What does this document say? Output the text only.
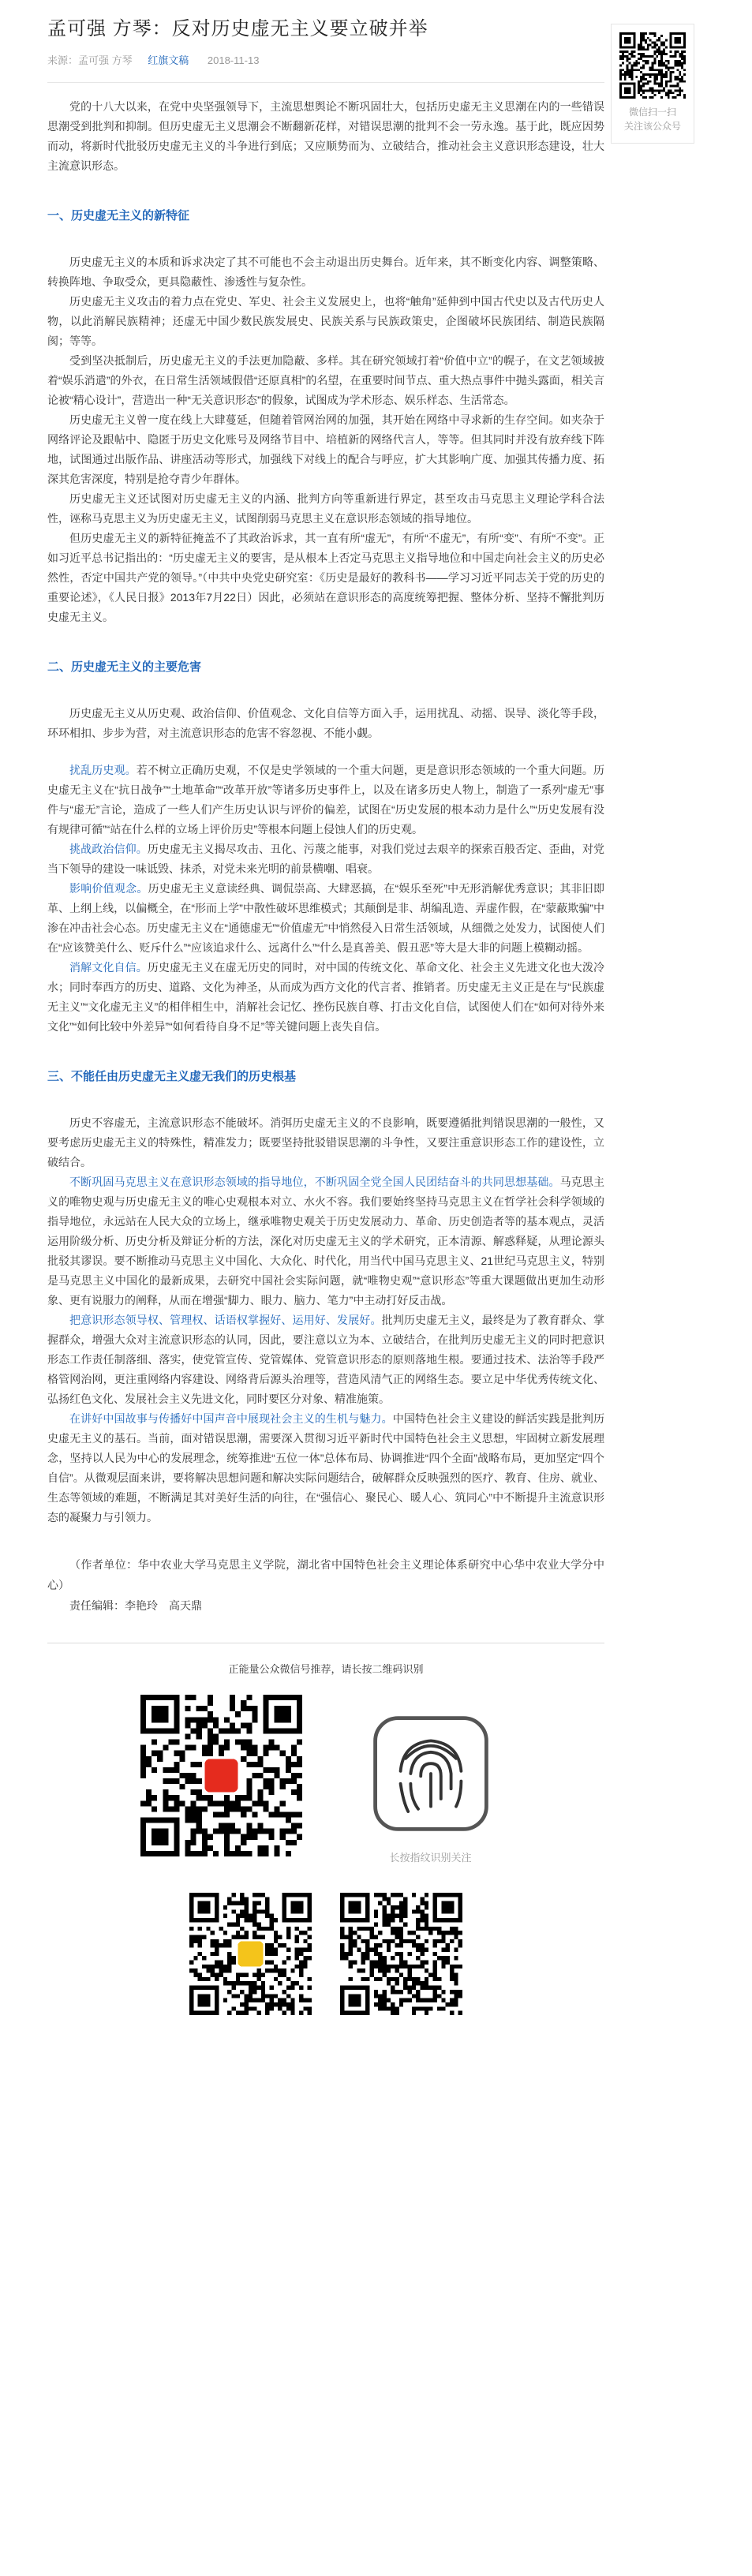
孟可强 方琴：反对历史虚无主义要立破并举
来源：孟可强 方琴 红旗文稿 2018-11-13

党的十八大以来，在党中央坚强领导下，主流思想舆论不断巩固壮大，包括历史虚无主义思潮在内的一些错误思潮受到批判和抑制。但历史虚无主义思潮会不断翻新花样，对错误思潮的批判不会一劳永逸。基于此，既应因势而动，将新时代批驳历史虚无主义的斗争进行到底；又应顺势而为、立破结合，推动社会主义意识形态建设，壮大主流意识形态。

一、历史虚无主义的新特征

历史虚无主义的本质和诉求决定了其不可能也不会主动退出历史舞台。近年来，其不断变化内容、调整策略、转换阵地、争取受众，更具隐蔽性、渗透性与复杂性。

历史虚无主义攻击的着力点在党史、军史、社会主义发展史上，也将“触角”延伸到中国古代史以及古代历史人物，以此消解民族精神；还虚无中国少数民族发展史、民族关系与民族政策史，企图破坏民族团结、制造民族隔阂；等等。

受到坚决抵制后，历史虚无主义的手法更加隐蔽、多样。其在研究领域打着“价值中立”的幌子，在文艺领域披着“娱乐消遣”的外衣，在日常生活领域假借“还原真相”的名望，在重要时间节点、重大热点事件中抛头露面，相关言论被“精心设计”，营造出一种“无关意识形态”的假象，试图成为学术形态、娱乐样态、生活常态。

历史虚无主义曾一度在线上大肆蔓延，但随着管网治网的加强，其开始在网络中寻求新的生存空间。如夹杂于网络评论及跟帖中、隐匿于历史文化账号及网络节目中、培植新的网络代言人，等等。但其同时并没有放弃线下阵地，试图通过出版作品、讲座活动等形式，加强线下对线上的配合与呼应，扩大其影响广度、加强其传播力度、拓深其危害深度，特别是抢夺青少年群体。

历史虚无主义还试图对历史虚无主义的内涵、批判方向等重新进行界定，甚至攻击马克思主义理论学科合法性，诬称马克思主义为历史虚无主义，试图削弱马克思主义在意识形态领域的指导地位。

但历史虚无主义的新特征掩盖不了其政治诉求，其一直有所“虚无”，有所“不虚无”，有所“变”、有所“不变”。正如习近平总书记指出的：“历史虚无主义的要害，是从根本上否定马克思主义指导地位和中国走向社会主义的历史必然性，否定中国共产党的领导。”（中共中央党史研究室：《历史是最好的教科书——学习习近平同志关于党的历史的重要论述》，《人民日报》2013年7月22日）因此，必须站在意识形态的高度统筹把握、整体分析、坚持不懈批判历史虚无主义。

二、历史虚无主义的主要危害

历史虚无主义从历史观、政治信仰、价值观念、文化自信等方面入手，运用扰乱、动摇、误导、淡化等手段，环环相扣、步步为营，对主流意识形态的危害不容忽视、不能小觑。

扰乱历史观。若不树立正确历史观，不仅是史学领域的一个重大问题，更是意识形态领域的一个重大问题。历史虚无主义在“抗日战争”“土地革命”“改革开放”等诸多历史事件上，以及在诸多历史人物上，制造了一系列“虚无”事件与“虚无”言论，造成了一些人们产生历史认识与评价的偏差，试图在“历史发展的根本动力是什么”“历史发展有没有规律可循”“站在什么样的立场上评价历史”等根本问题上侵蚀人们的历史观。

挑战政治信仰。历史虚无主义揭尽攻击、丑化、污蔑之能事，对我们党过去艰辛的探索百般否定、歪曲，对党当下领导的建设一味诋毁、抹杀，对党未来光明的前景横嘲、唱衰。

影响价值观念。历史虚无主义意读经典、调侃崇高、大肆恶搞，在“娱乐至死”中无形消解优秀意识；其非旧即革、上纲上线，以偏概全，在“形而上学”中散性破坏思维模式；其颠倒是非、胡编乱造、弄虚作假，在“蒙蔽欺骗”中渗在冲击社会心态。历史虚无主义在“通德虚无”“价值虚无”中悄然侵入日常生活领域，从细微之处发力，试图使人们在“应该赞美什么、贬斥什么”“应该追求什么、远离什么”“什么是真善美、假丑恶”等大是大非的问题上模糊动摇。

消解文化自信。历史虚无主义在虚无历史的同时，对中国的传统文化、革命文化、社会主义先进文化也大泼冷水；同时奉西方的历史、道路、文化为神圣，从而成为西方文化的代言者、推销者。历史虚无主义正是在与“民族虚无主义”“文化虚无主义”的相伴相生中，消解社会记忆、挫伤民族自尊、打击文化自信，试图使人们在“如何对待外来文化”“如何比较中外差异”“如何看待自身不足”等关键问题上丧失自信。

三、不能任由历史虚无主义虚无我们的历史根基

历史不容虚无，主流意识形态不能破坏。消弭历史虚无主义的不良影响，既要遵循批判错误思潮的一般性，又要考虑历史虚无主义的特殊性，精准发力；既要坚持批驳错误思潮的斗争性，又要注重意识形态工作的建设性，立破结合。

不断巩固马克思主义在意识形态领域的指导地位，不断巩固全党全国人民团结奋斗的共同思想基础。马克思主义的唯物史观与历史虚无主义的唯心史观根本对立、水火不容。我们要始终坚持马克思主义在哲学社会科学领域的指导地位，永远站在人民大众的立场上，继承唯物史观关于历史发展动力、革命、历史创造者等的基本观点，灵活运用阶级分析、历史分析及辩证分析的方法，深化对历史虚无主义的学术研究，正本清源、解惑释疑，从理论源头批驳其谬误。要不断推动马克思主义中国化、大众化、时代化，用当代中国马克思主义、21世纪马克思主义，特别是马克思主义中国化的最新成果，去研究中国社会实际问题，就“唯物史观”“意识形态”等重大课题做出更加生动形象、更有说服力的阐释，从而在增强“脚力、眼力、脑力、笔力”中主动打好反击战。

把意识形态领导权、管理权、话语权掌握好、运用好、发展好。批判历史虚无主义，最终是为了教育群众、掌握群众，增强大众对主流意识形态的认同，因此，要注意以立为本、立破结合，在批判历史虚无主义的同时把意识形态工作责任制落细、落实，使党管宣传、党管媒体、党管意识形态的原则落地生根。要通过技术、法治等手段严格管网治网，更注重网络内容建设、网络背后源头治理等，营造风清气正的网络生态。要立足中华优秀传统文化、弘扬红色文化、发展社会主义先进文化，同时要区分对象、精准施策。

在讲好中国故事与传播好中国声音中展现社会主义的生机与魅力。中国特色社会主义建设的鲜活实践是批判历史虚无主义的基石。当前，面对错误思潮，需要深入贯彻习近平新时代中国特色社会主义思想，牢固树立新发展理念，坚持以人民为中心的发展理念，统筹推进“五位一体”总体布局、协调推进“四个全面”战略布局，更加坚定“四个自信”。从微观层面来讲，要将解决思想问题和解决实际问题结合，破解群众反映强烈的医疗、教育、住房、就业、生态等领域的难题，不断满足其对美好生活的向往，在“强信心、聚民心、暖人心、筑同心”中不断提升主流意识形态的凝聚力与引领力。

（作者单位：华中农业大学马克思主义学院，湖北省中国特色社会主义理论体系研究中心华中农业大学分中心）

责任编辑：李艳玲　高天鼎

正能量公众微信号推荐，请长按二维码识别
长按指纹识别关注
微信扫一扫
关注该公众号
